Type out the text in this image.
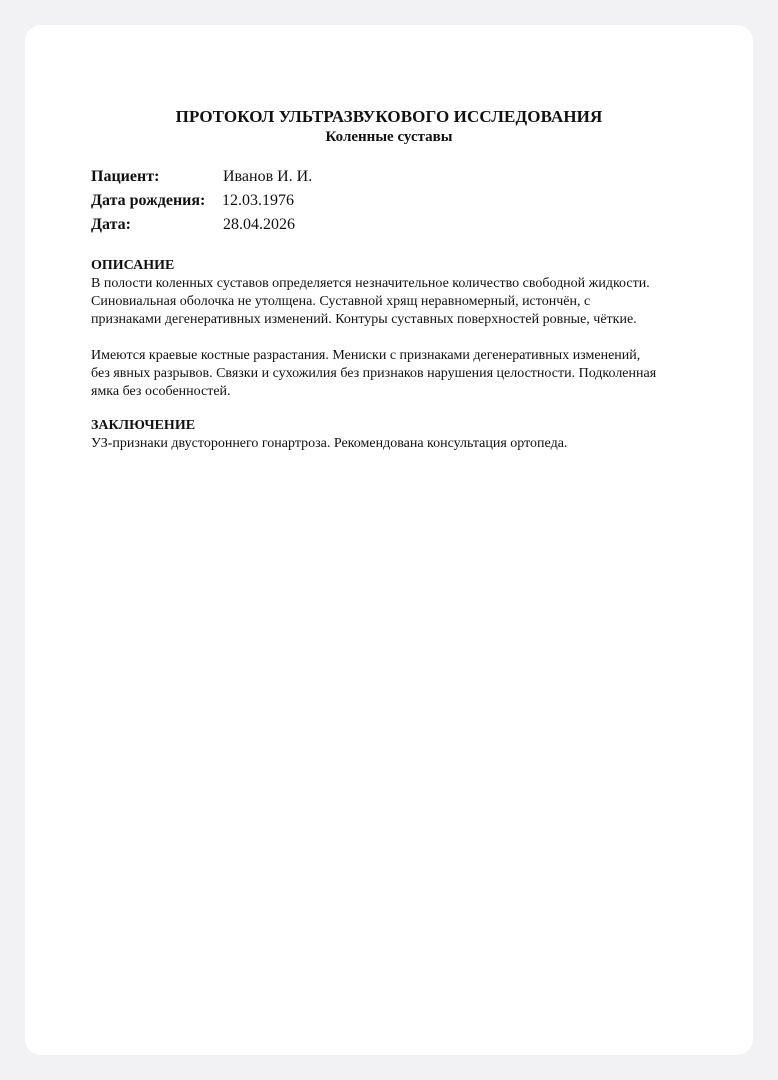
ПРОТОКОЛ УЛЬТРАЗВУКОВОГО ИССЛЕДОВАНИЯ
Коленные суставы
Пациент:	Иванов И. И.
Дата рождения:	12.03.1976
Дата:	28.04.2026
ОПИСАНИЕ

В полости коленных суставов определяется незначительное количество свободной жидкости.
Синовиальная оболочка не утолщена. Суставной хрящ неравномерный, истончён, с
признаками дегенеративных изменений. Контуры суставных поверхностей ровные, чёткие.

Имеются краевые костные разрастания. Мениски с признаками дегенеративных изменений,
без явных разрывов. Связки и сухожилия без признаков нарушения целостности. Подколенная
ямка без особенностей.

ЗАКЛЮЧЕНИЕ
УЗ-признаки двустороннего гонартроза. Рекомендована консультация ортопеда.
